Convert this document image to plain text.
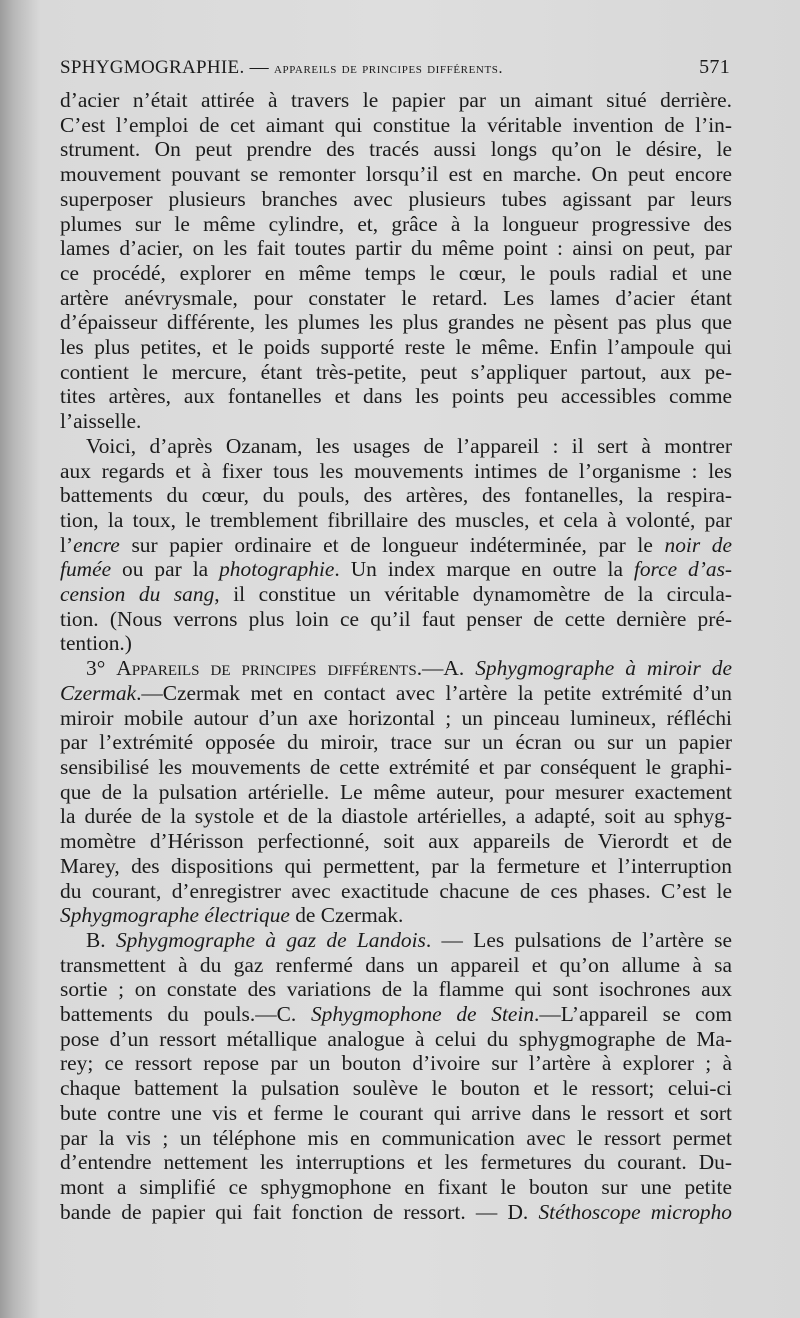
SPHYGMOGRAPHIE. — appareils de principes différents.	571
d’acier n’était attirée à travers le papier par un aimant situé derrière.
C’est l’emploi de cet aimant qui constitue la véritable invention de l’in-
strument. On peut prendre des tracés aussi longs qu’on le désire, le
mouvement pouvant se remonter lorsqu’il est en marche. On peut encore
superposer plusieurs branches avec plusieurs tubes agissant par leurs
plumes sur le même cylindre, et, grâce à la longueur progressive des
lames d’acier, on les fait toutes partir du même point : ainsi on peut, par
ce procédé, explorer en même temps le cœur, le pouls radial et une
artère anévrysmale, pour constater le retard. Les lames d’acier étant
d’épaisseur différente, les plumes les plus grandes ne pèsent pas plus que
les plus petites, et le poids supporté reste le même. Enfin l’ampoule qui
contient le mercure, étant très-petite, peut s’appliquer partout, aux pe-
tites artères, aux fontanelles et dans les points peu accessibles comme
l’aisselle.
Voici, d’après Ozanam, les usages de l’appareil : il sert à montrer
aux regards et à fixer tous les mouvements intimes de l’organisme : les
battements du cœur, du pouls, des artères, des fontanelles, la respira-
tion, la toux, le tremblement fibrillaire des muscles, et cela à volonté, par
l’encre sur papier ordinaire et de longueur indéterminée, par le noir de
fumée ou par la photographie. Un index marque en outre la force d’as-
cension du sang, il constitue un véritable dynamomètre de la circula-
tion. (Nous verrons plus loin ce qu’il faut penser de cette dernière pré-
tention.)
3° Appareils de principes différents.—A. Sphygmographe à miroir de
Czermak.—Czermak met en contact avec l’artère la petite extrémité d’un
miroir mobile autour d’un axe horizontal ; un pinceau lumineux, réfléchi
par l’extrémité opposée du miroir, trace sur un écran ou sur un papier
sensibilisé les mouvements de cette extrémité et par conséquent le graphi-
que de la pulsation artérielle. Le même auteur, pour mesurer exactement
la durée de la systole et de la diastole artérielles, a adapté, soit au sphyg-
momètre d’Hérisson perfectionné, soit aux appareils de Vierordt et de
Marey, des dispositions qui permettent, par la fermeture et l’interruption
du courant, d’enregistrer avec exactitude chacune de ces phases. C’est le
Sphygmographe électrique de Czermak.
B. Sphygmographe à gaz de Landois. — Les pulsations de l’artère se
transmettent à du gaz renfermé dans un appareil et qu’on allume à sa
sortie ; on constate des variations de la flamme qui sont isochrones aux
battements du pouls.—C. Sphygmophone de Stein.—L’appareil se com
pose d’un ressort métallique analogue à celui du sphygmographe de Ma-
rey; ce ressort repose par un bouton d’ivoire sur l’artère à explorer ; à
chaque battement la pulsation soulève le bouton et le ressort; celui-ci
bute contre une vis et ferme le courant qui arrive dans le ressort et sort
par la vis ; un téléphone mis en communication avec le ressort permet
d’entendre nettement les interruptions et les fermetures du courant. Du-
mont a simplifié ce sphygmophone en fixant le bouton sur une petite
bande de papier qui fait fonction de ressort. — D. Stéthoscope micropho
